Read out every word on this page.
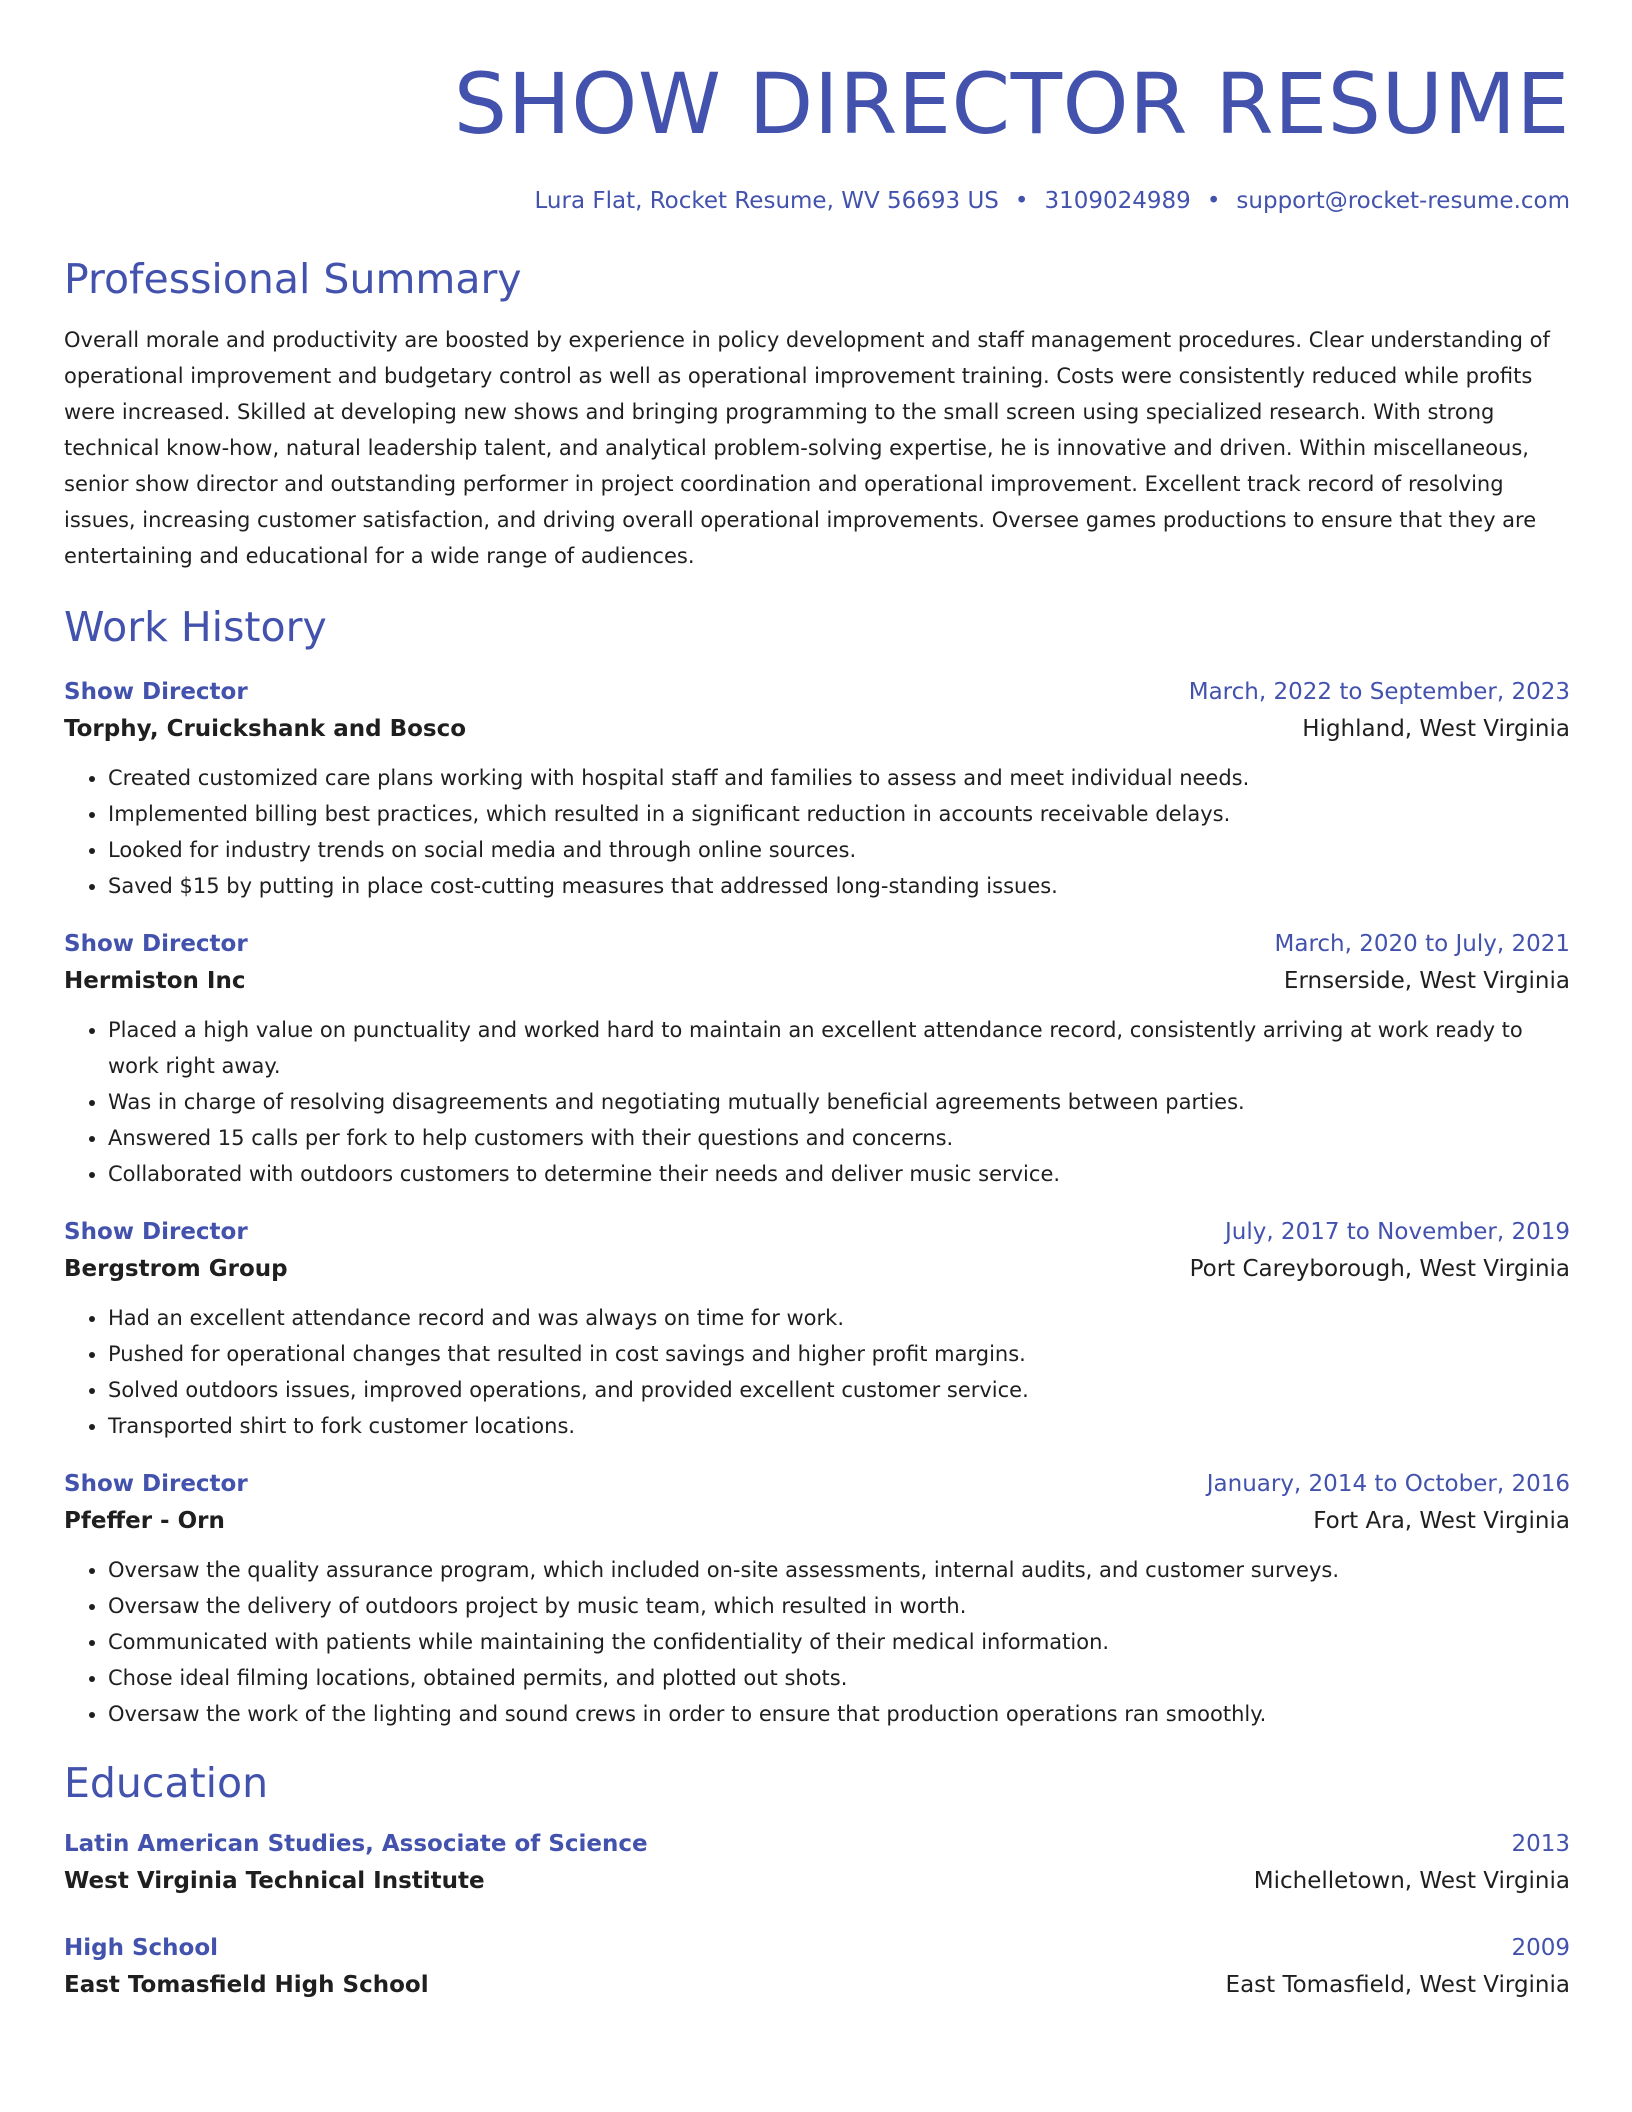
SHOW DIRECTOR RESUME
Lura Flat, Rocket Resume, WV 56693 US • 3109024989 • support@rocket-resume.com
Professional Summary

Overall morale and productivity are boosted by experience in policy development and staff management procedures. Clear understanding of operational improvement and budgetary control as well as operational improvement training. Costs were consistently reduced while profits were increased. Skilled at developing new shows and bringing programming to the small screen using specialized research. With strong technical know-how, natural leadership talent, and analytical problem-solving expertise, he is innovative and driven. Within miscellaneous, senior show director and outstanding performer in project coordination and operational improvement. Excellent track record of resolving issues, increasing customer satisfaction, and driving overall operational improvements. Oversee games productions to ensure that they are entertaining and educational for a wide range of audiences.

Work History
Show Director	March, 2022 to September, 2023
Torphy, Cruickshank and Bosco	Highland, West Virginia
• Created customized care plans working with hospital staff and families to assess and meet individual needs.
• Implemented billing best practices, which resulted in a significant reduction in accounts receivable delays.
• Looked for industry trends on social media and through online sources.
• Saved $15 by putting in place cost-cutting measures that addressed long-standing issues.
Show Director	March, 2020 to July, 2021
Hermiston Inc	Ernserside, West Virginia
• Placed a high value on punctuality and worked hard to maintain an excellent attendance record, consistently arriving at work ready to work right away.
• Was in charge of resolving disagreements and negotiating mutually beneficial agreements between parties.
• Answered 15 calls per fork to help customers with their questions and concerns.
• Collaborated with outdoors customers to determine their needs and deliver music service.
Show Director	July, 2017 to November, 2019
Bergstrom Group	Port Careyborough, West Virginia
• Had an excellent attendance record and was always on time for work.
• Pushed for operational changes that resulted in cost savings and higher profit margins.
• Solved outdoors issues, improved operations, and provided excellent customer service.
• Transported shirt to fork customer locations.
Show Director	January, 2014 to October, 2016
Pfeffer - Orn	Fort Ara, West Virginia
• Oversaw the quality assurance program, which included on-site assessments, internal audits, and customer surveys.
• Oversaw the delivery of outdoors project by music team, which resulted in worth.
• Communicated with patients while maintaining the confidentiality of their medical information.
• Chose ideal filming locations, obtained permits, and plotted out shots.
• Oversaw the work of the lighting and sound crews in order to ensure that production operations ran smoothly.
Education
Latin American Studies, Associate of Science	2013
West Virginia Technical Institute	Michelletown, West Virginia
High School	2009
East Tomasfield High School	East Tomasfield, West Virginia
